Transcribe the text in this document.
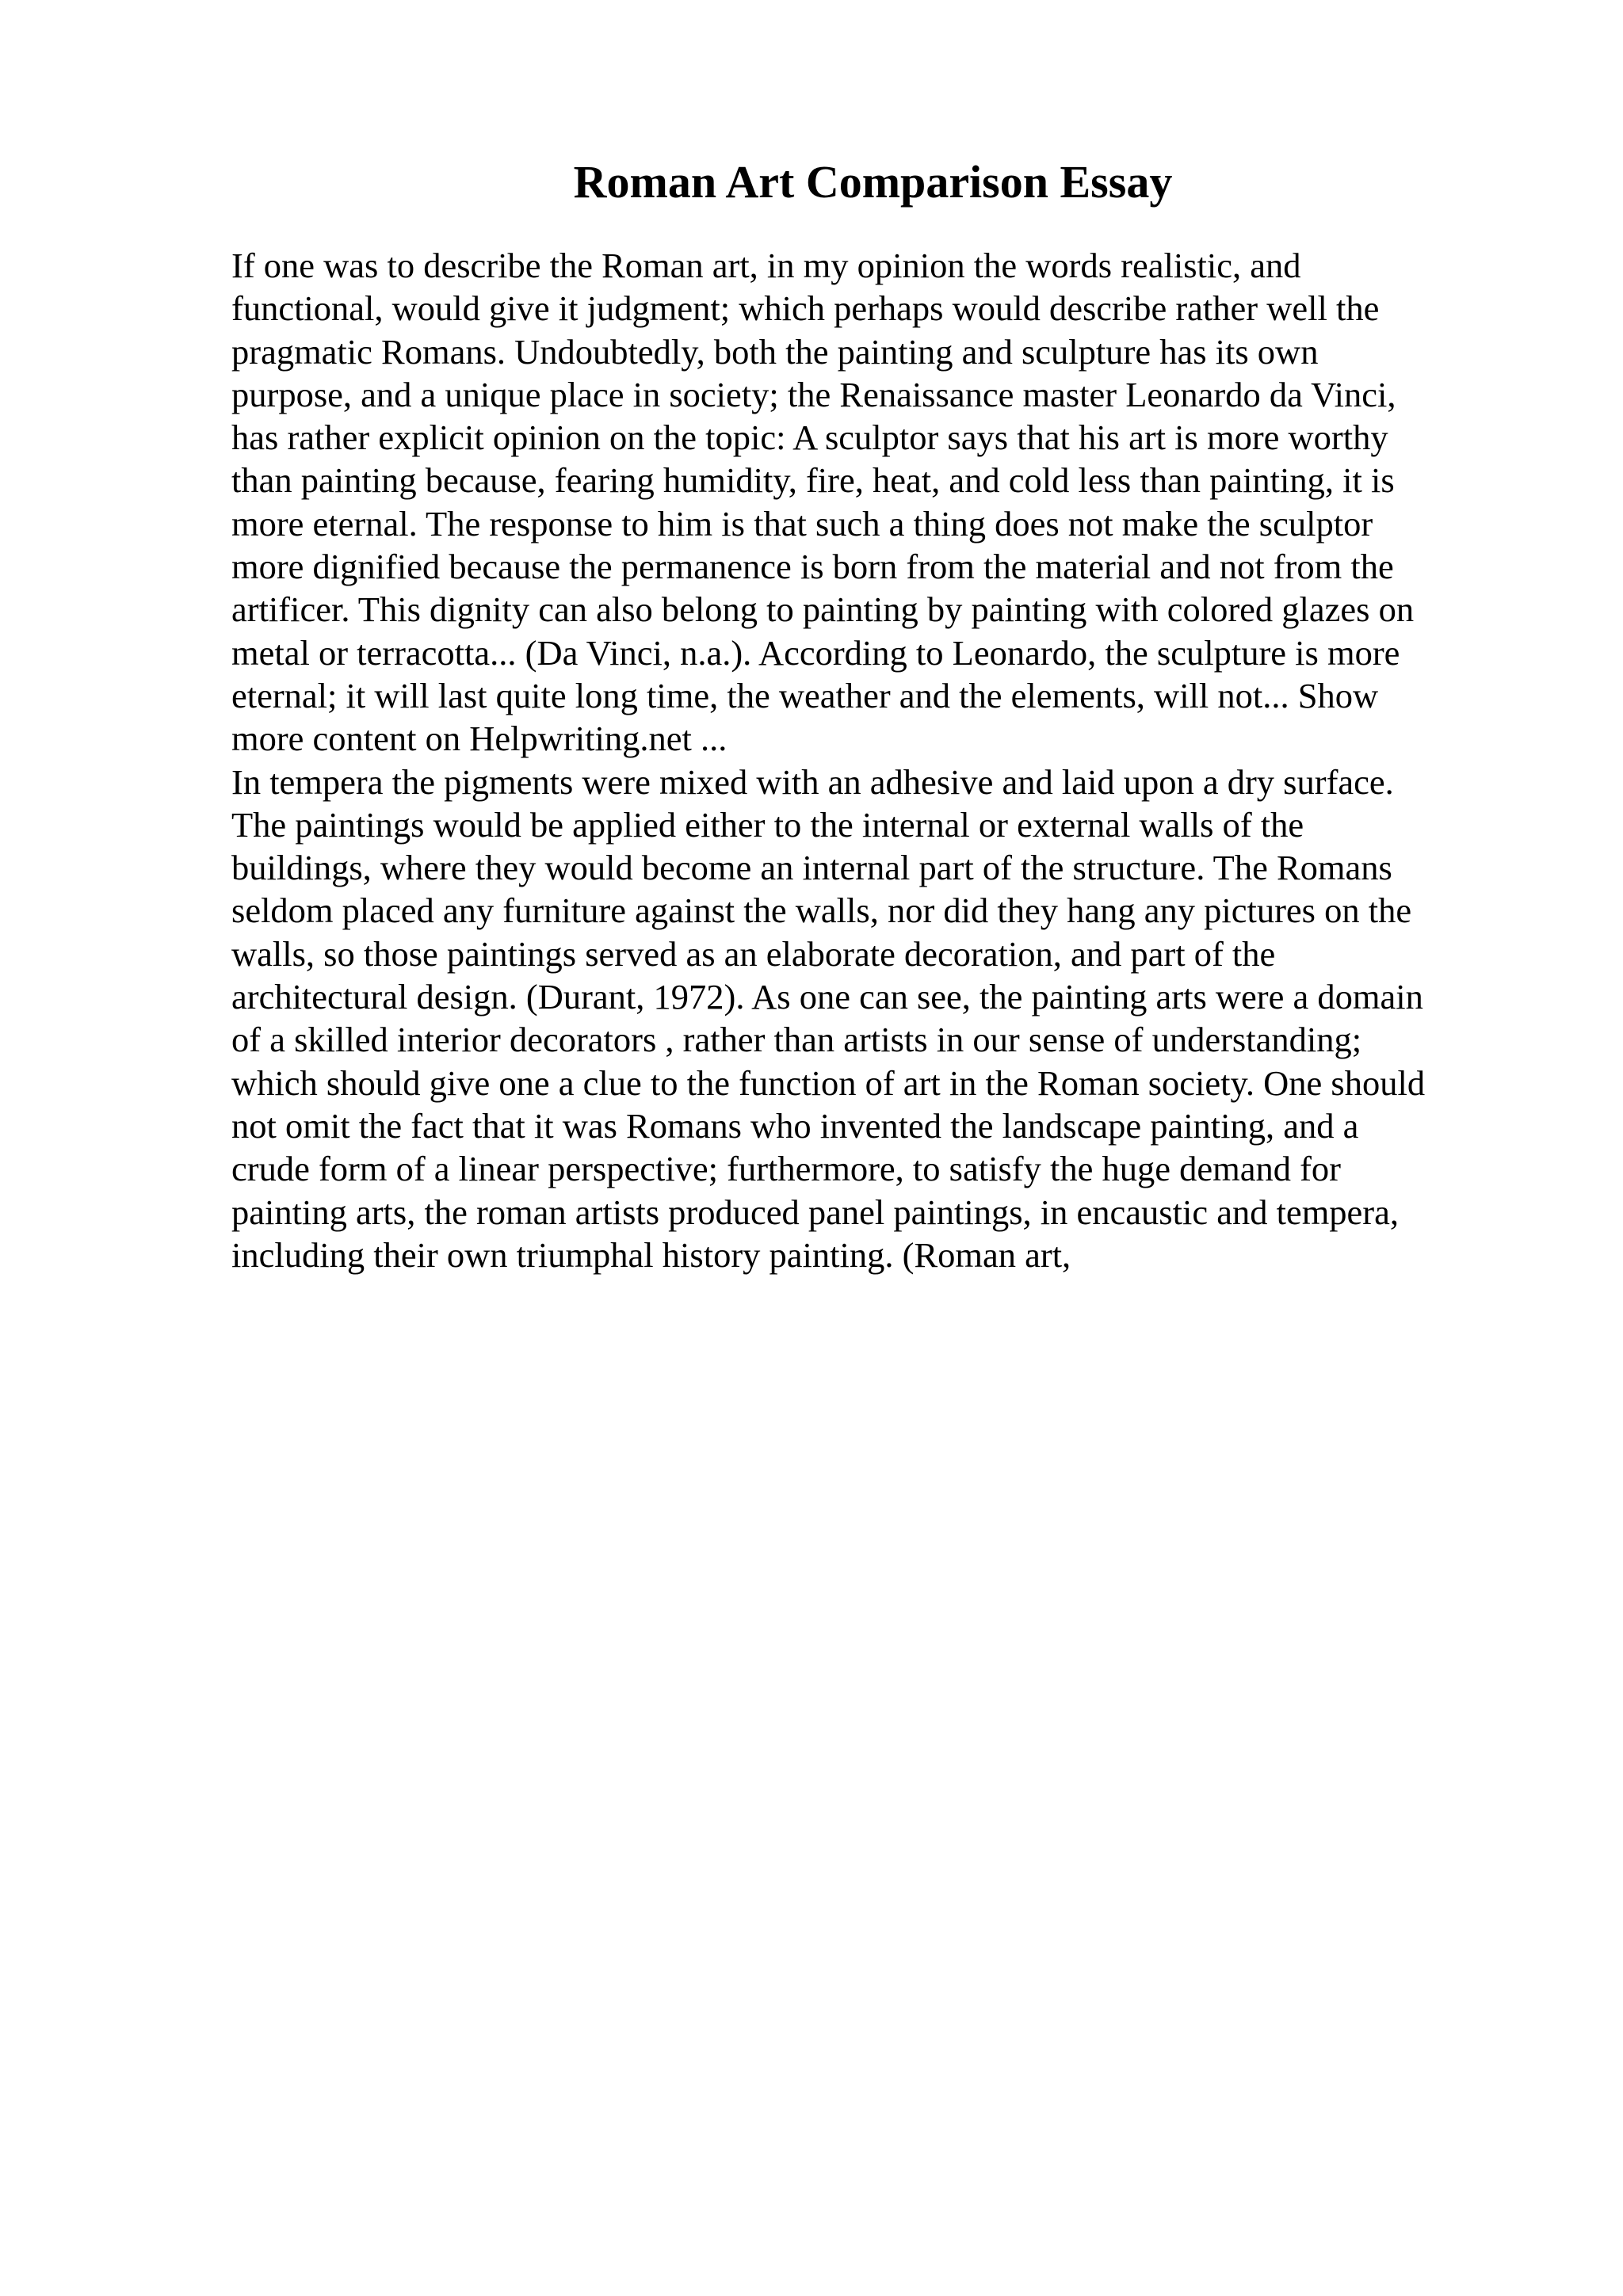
Roman Art Comparison Essay
If one was to describe the Roman art, in my opinion the words realistic, and
functional, would give it judgment; which perhaps would describe rather well the
pragmatic Romans. Undoubtedly, both the painting and sculpture has its own
purpose, and a unique place in society; the Renaissance master Leonardo da Vinci,
has rather explicit opinion on the topic: A sculptor says that his art is more worthy
than painting because, fearing humidity, fire, heat, and cold less than painting, it is
more eternal. The response to him is that such a thing does not make the sculptor
more dignified because the permanence is born from the material and not from the
artificer. This dignity can also belong to painting by painting with colored glazes on
metal or terracotta... (Da Vinci, n.a.). According to Leonardo, the sculpture is more
eternal; it will last quite long time, the weather and the elements, will not... Show
more content on Helpwriting.net ...
In tempera the pigments were mixed with an adhesive and laid upon a dry surface.
The paintings would be applied either to the internal or external walls of the
buildings, where they would become an internal part of the structure. The Romans
seldom placed any furniture against the walls, nor did they hang any pictures on the
walls, so those paintings served as an elaborate decoration, and part of the
architectural design. (Durant, 1972). As one can see, the painting arts were a domain
of a skilled interior decorators , rather than artists in our sense of understanding;
which should give one a clue to the function of art in the Roman society. One should
not omit the fact that it was Romans who invented the landscape painting, and a
crude form of a linear perspective; furthermore, to satisfy the huge demand for
painting arts, the roman artists produced panel paintings, in encaustic and tempera,
including their own triumphal history painting. (Roman art,
